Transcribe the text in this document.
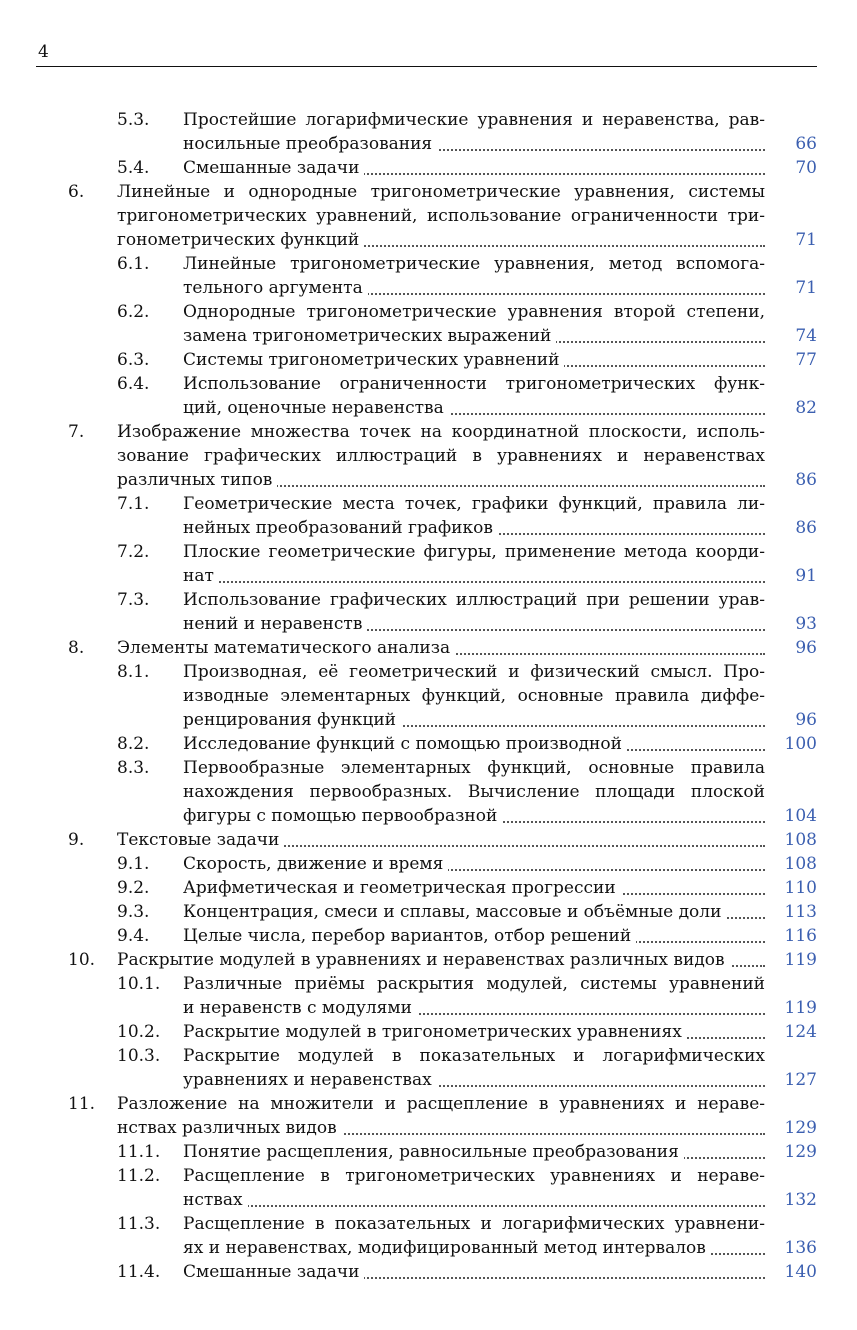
4
5.3. Простейшие логарифмические уравнения и неравенства, рав-
носильные преобразования	66
5.4. Смешанные задачи	70
6. Линейные и однородные тригонометрические уравнения, системы
тригонометрических уравнений, использование ограниченности три-
гонометрических функций	71
6.1. Линейные тригонометрические уравнения, метод вспомога-
тельного аргумента	71
6.2. Однородные тригонометрические уравнения второй степени,
замена тригонометрических выражений	74
6.3. Системы тригонометрических уравнений	77
6.4. Использование ограниченности тригонометрических функ-
ций, оценочные неравенства	82
7. Изображение множества точек на координатной плоскости, исполь-
зование графических иллюстраций в уравнениях и неравенствах
различных типов	86
7.1. Геометрические места точек, графики функций, правила ли-
нейных преобразований графиков	86
7.2. Плоские геометрические фигуры, применение метода коорди-
нат	91
7.3. Использование графических иллюстраций при решении урав-
нений и неравенств	93
8. Элементы математического анализа	96
8.1. Производная, её геометрический и физический смысл. Про-
изводные элементарных функций, основные правила диффе-
ренцирования функций	96
8.2. Исследование функций с помощью производной	100
8.3. Первообразные элементарных функций, основные правила
нахождения первообразных. Вычисление площади плоской
фигуры с помощью первообразной	104
9. Текстовые задачи	108
9.1. Скорость, движение и время	108
9.2. Арифметическая и геометрическая прогрессии	110
9.3. Концентрация, смеси и сплавы, массовые и объёмные доли	113
9.4. Целые числа, перебор вариантов, отбор решений	116
10. Раскрытие модулей в уравнениях и неравенствах различных видов	119
10.1. Различные приёмы раскрытия модулей, системы уравнений
и неравенств с модулями	119
10.2. Раскрытие модулей в тригонометрических уравнениях	124
10.3. Раскрытие модулей в показательных и логарифмических
уравнениях и неравенствах	127
11. Разложение на множители и расщепление в уравнениях и нераве-
нствах различных видов	129
11.1. Понятие расщепления, равносильные преобразования	129
11.2. Расщепление в тригонометрических уравнениях и нераве-
нствах	132
11.3. Расщепление в показательных и логарифмических уравнени-
ях и неравенствах, модифицированный метод интервалов	136
11.4. Смешанные задачи	140
